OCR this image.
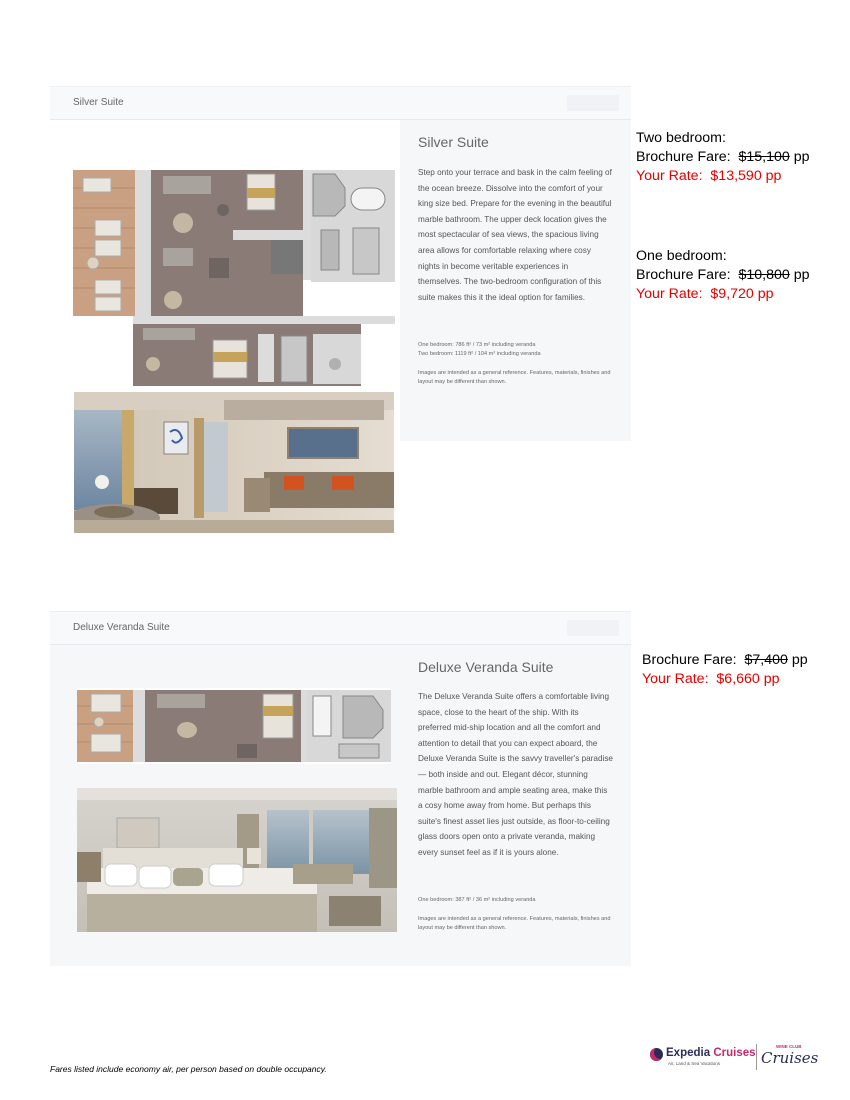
Silver Suite
Silver Suite

Step onto your terrace and bask in the calm feeling of the ocean breeze. Dissolve into the comfort of your king size bed. Prepare for the evening in the beautiful marble bathroom. The upper deck location gives the most spectacular of sea views, the spacious living area allows for comfortable relaxing where cosy nights in become veritable experiences in themselves. The two-bedroom configuration of this suite makes this it the ideal option for families.

One bedroom: 786 ft² / 73 m² including veranda

Two bedroom: 1119 ft² / 104 m² including veranda

Images are intended as a general reference. Features, materials, finishes and layout may be different than shown.

Two bedroom:
Brochure Fare: $15,100 pp
Your Rate: $13,590 pp
One bedroom:
Brochure Fare: $10,800 pp
Your Rate: $9,720 pp
Deluxe Veranda Suite
Deluxe Veranda Suite

The Deluxe Veranda Suite offers a comfortable living space, close to the heart of the ship. With its preferred mid-ship location and all the comfort and attention to detail that you can expect aboard, the Deluxe Veranda Suite is the savvy traveller's paradise — both inside and out. Elegant décor, stunning marble bathroom and ample seating area, make this a cosy home away from home. But perhaps this suite's finest asset lies just outside, as floor-to-ceiling glass doors open onto a private veranda, making every sunset feel as if it is yours alone.

One bedroom: 387 ft² / 36 m² including veranda

Images are intended as a general reference. Features, materials, finishes and layout may be different than shown.

Brochure Fare: $7,400 pp
Your Rate: $6,660 pp
Fares listed include economy air, per person based on double occupancy.
Expedia Cruises
Air, Land & Sea Vacations
WINE CLUB
Cruises
